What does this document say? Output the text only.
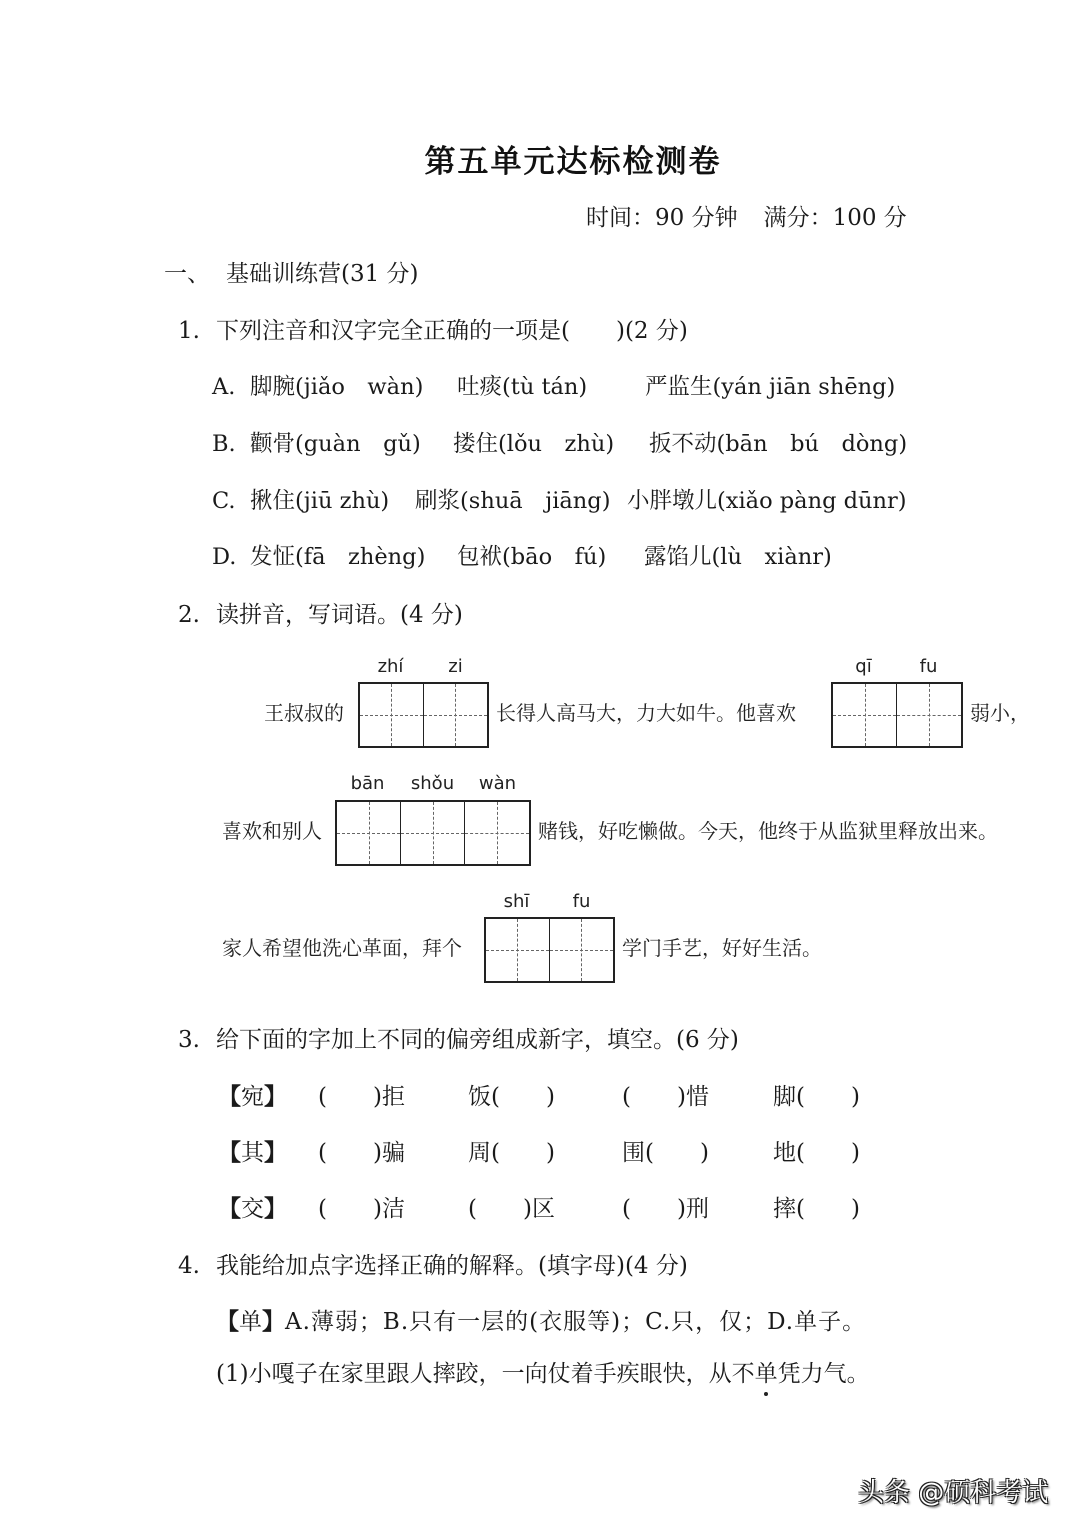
第五单元达标检测卷
时间：90 分钟 满分：100 分
一、 基础训练营(31 分)
1. 下列注音和汉字完全正确的一项是(　　)(2 分)
A. 脚腕(jiǎo　wàn) 吐痰(tù tán)	严监生(yán jiān shēng)
B. 颧骨(guàn　gǔ) 搂住(lǒu　zhù) 扳不动(bān　bú　dòng)
C. 揪住(jiū zhù) 刷浆(shuā　jiāng) 小胖墩儿(xiǎo pàng dūnr)
D. 发怔(fā　zhèng) 包袱(bāo　fú) 露馅儿(lù　xiànr)
2. 读拼音，写词语。(4 分)
王叔叔的
zhí	zi
长得人高马大，力大如牛。他喜欢
qī	fu
弱小，
喜欢和别人
bān	shǒu	wàn
赌钱，好吃懒做。今天，他终于从监狱里释放出来。
家人希望他洗心革面，拜个
shī	fu
学门手艺，好好生活。
3. 给下面的字加上不同的偏旁组成新字，填空。(6 分)
【宛】 (　　)拒	饭(　　)	(　　)惜	脚(　　)
【其】 (　　)骗	周(　　)	围(　　)	地(　　)
【交】 (　　)洁	(　　)区	(　　)刑	摔(　　)
4. 我能给加点字选择正确的解释。(填字母)(4 分)
【单】A.薄弱；B.只有一层的(衣服等)；C.只，仅；D.单子。
(1)小嘎子在家里跟人摔跤，一向仗着手疾眼快，从不单凭力气。
头条 @硕科考试
